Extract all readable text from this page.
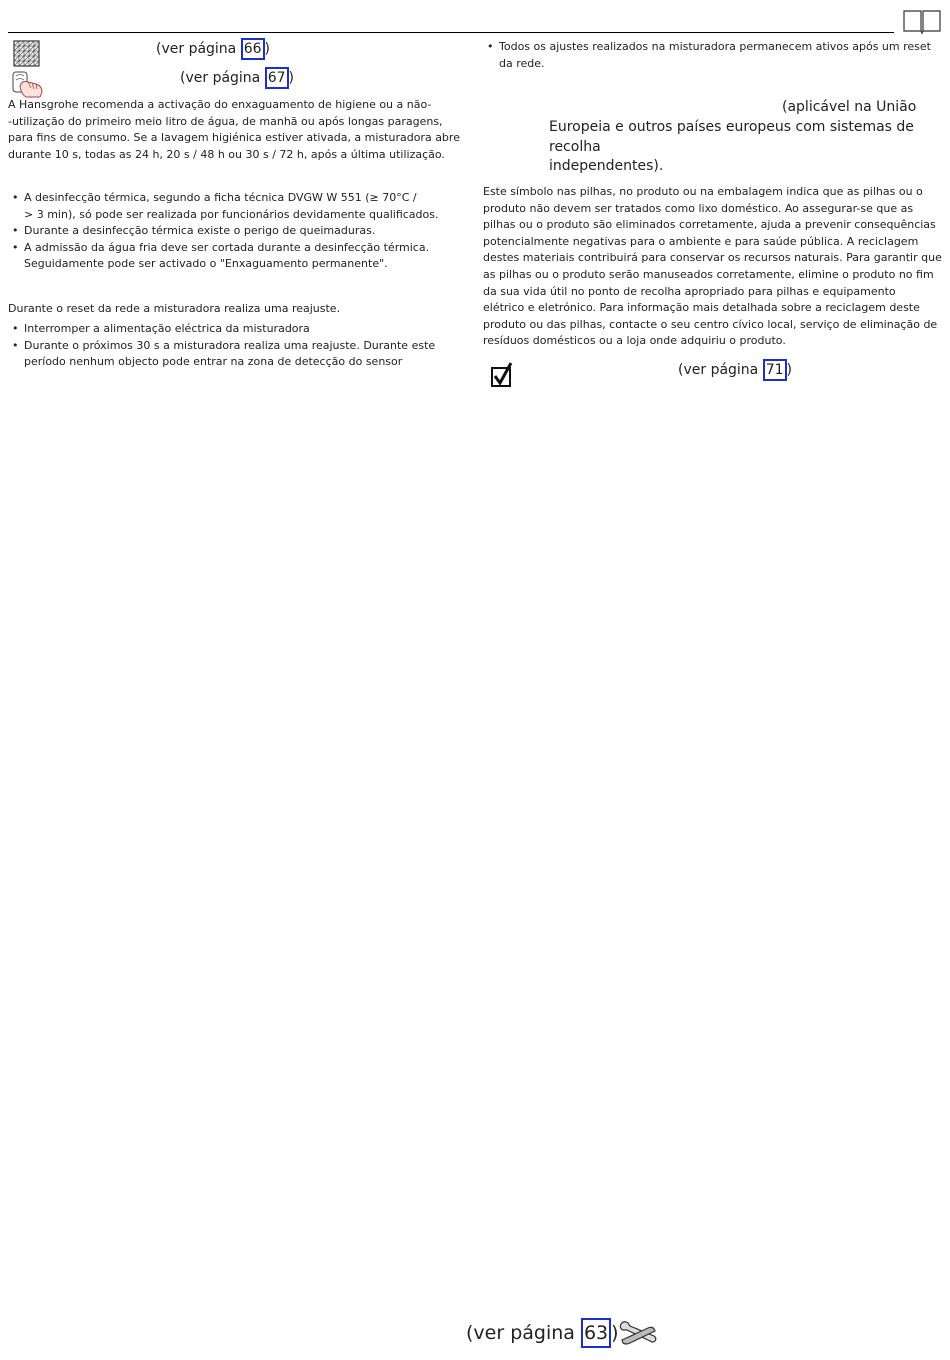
(ver página 66 )
(ver página 67 )
A Hansgrohe recomenda a activação do enxaguamento de higiene ou a não-
-utilização do primeiro meio litro de água, de manhã ou após longas paragens,
para fins de consumo. Se a lavagem higiénica estiver ativada, a misturadora abre
durante 10 s, todas as 24 h, 20 s / 48 h ou 30 s / 72 h, após a última utilização.
• A desinfecção térmica, segundo a ficha técnica DVGW W 551 (≥ 70°C /
> 3 min), só pode ser realizada por funcionários devidamente qualificados.
• Durante a desinfecção térmica existe o perigo de queimaduras.
• A admissão da água fria deve ser cortada durante a desinfecção térmica.
Seguidamente pode ser activado o "Enxaguamento permanente".
Durante o reset da rede a misturadora realiza uma reajuste.
• Interromper a alimentação eléctrica da misturadora
• Durante o próximos 30 s a misturadora realiza uma reajuste. Durante este
período nenhum objecto pode entrar na zona de detecção do sensor
• Todos os ajustes realizados na misturadora permanecem ativos após um reset
da rede.
(aplicável na União
Europeia e outros países europeus com sistemas de recolha
independentes).
Este símbolo nas pilhas, no produto ou na embalagem indica que as pilhas ou o
produto não devem ser tratados como lixo doméstico. Ao assegurar-se que as
pilhas ou o produto são eliminados corretamente, ajuda a prevenir consequências
potencialmente negativas para o ambiente e para saúde pública. A reciclagem
destes materiais contribuirá para conservar os recursos naturais. Para garantir que
as pilhas ou o produto serão manuseados corretamente, elimine o produto no fim
da sua vida útil no ponto de recolha apropriado para pilhas e equipamento
elétrico e eletrónico. Para informação mais detalhada sobre a reciclagem deste
produto ou das pilhas, contacte o seu centro cívico local, serviço de eliminação de
resíduos domésticos ou a loja onde adquiriu o produto.
(ver página 71 )
(ver página 63 )
